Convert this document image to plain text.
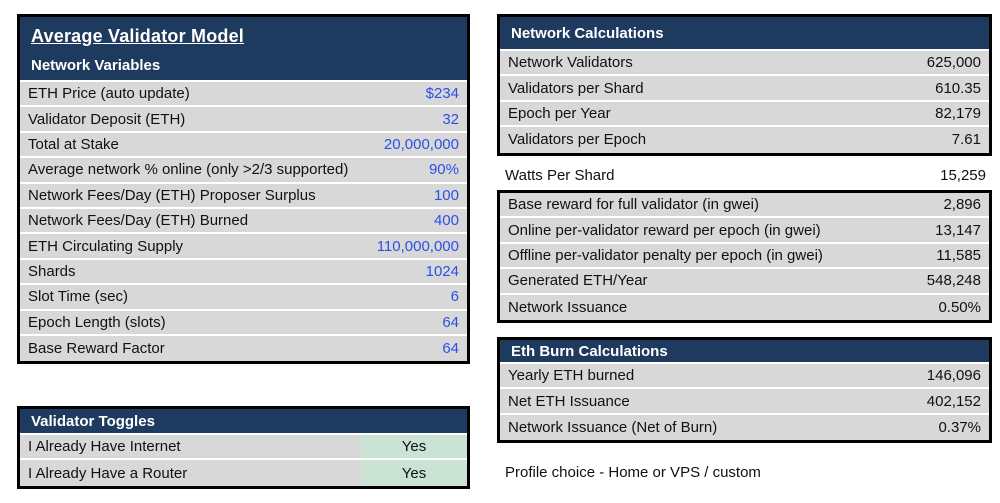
Average Validator Model
Network Variables
ETH Price (auto update)	$234
Validator Deposit (ETH)	32
Total at Stake	20,000,000
Average network % online (only >2/3 supported)	90%
Network Fees/Day (ETH) Proposer Surplus	100
Network Fees/Day (ETH) Burned	400
ETH Circulating Supply	110,000,000
Shards	1024
Slot Time (sec)	6
Epoch Length (slots)	64
Base Reward Factor	64
Validator Toggles
I Already Have Internet	Yes
I Already Have a Router	Yes
Network Calculations
Network Validators	625,000
Validators per Shard	610.35
Epoch per Year	82,179
Validators per Epoch	7.61
Watts Per Shard	15,259
Base reward for full validator (in gwei)	2,896
Online per-validator reward per epoch (in gwei)	13,147
Offline per-validator penalty per epoch (in gwei)	11,585
Generated ETH/Year	548,248
Network Issuance	0.50%
Eth Burn Calculations
Yearly ETH burned	146,096
Net ETH Issuance	402,152
Network Issuance (Net of Burn)	0.37%
Profile choice - Home or VPS / custom
